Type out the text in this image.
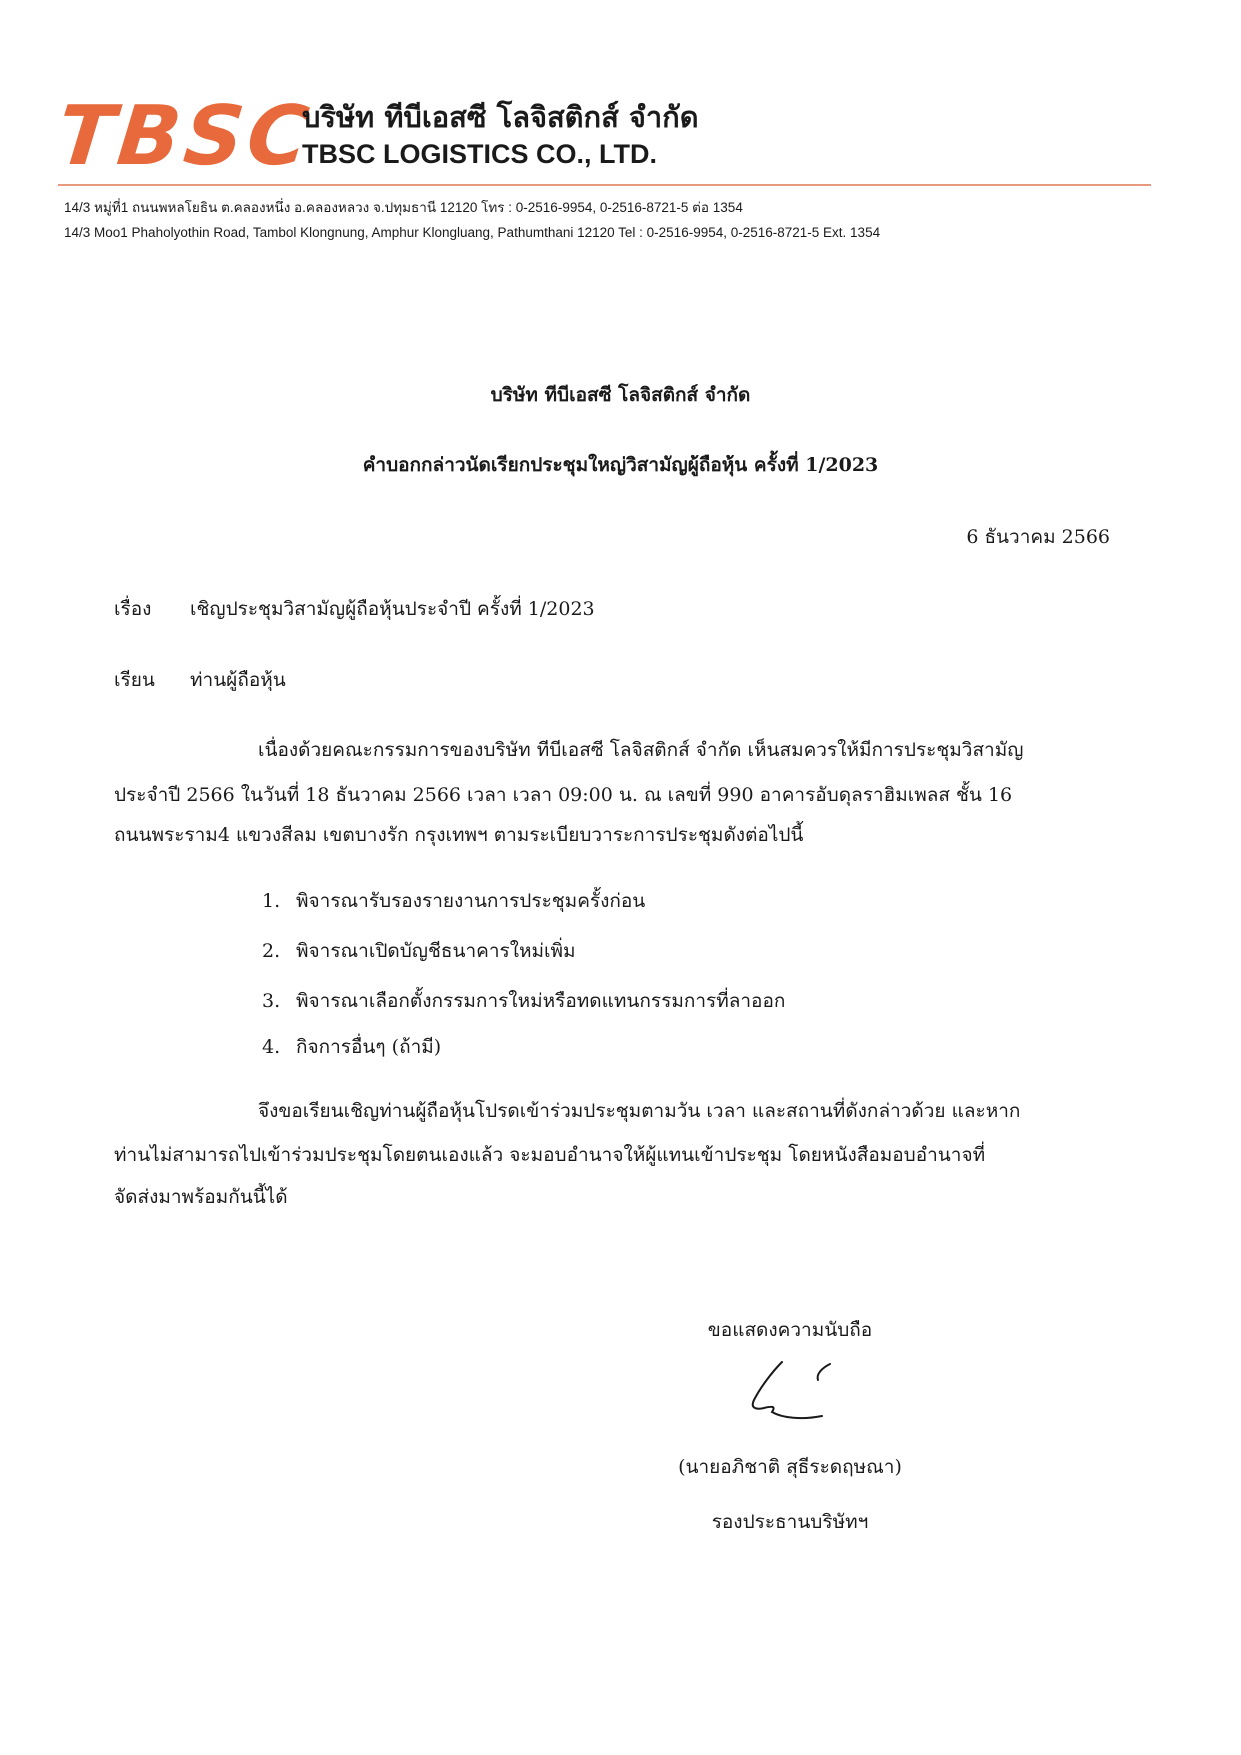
TBSC
บริษัท ทีบีเอสซี โลจิสติกส์ จำกัด
TBSC LOGISTICS CO., LTD.
14/3 หมู่ที่1 ถนนพหลโยธิน ต.คลองหนึ่ง อ.คลองหลวง จ.ปทุมธานี 12120 โทร : 0-2516-9954, 0-2516-8721-5 ต่อ 1354
14/3 Moo1 Phaholyothin Road, Tambol Klongnung, Amphur Klongluang, Pathumthani 12120 Tel : 0-2516-9954, 0-2516-8721-5 Ext. 1354
บริษัท ทีบีเอสซี โลจิสติกส์ จำกัด
คำบอกกล่าวนัดเรียกประชุมใหญ่วิสามัญผู้ถือหุ้น ครั้งที่ 1/2023
6 ธันวาคม 2566
เรื่อง เชิญประชุมวิสามัญผู้ถือหุ้นประจำปี ครั้งที่ 1/2023
เรียน ท่านผู้ถือหุ้น
เนื่องด้วยคณะกรรมการของบริษัท ทีบีเอสซี โลจิสติกส์ จำกัด เห็นสมควรให้มีการประชุมวิสามัญ
ประจำปี 2566 ในวันที่ 18 ธันวาคม 2566 เวลา เวลา 09:00 น. ณ เลขที่ 990 อาคารอับดุลราฮิมเพลส ชั้น 16
ถนนพระราม4 แขวงสีลม เขตบางรัก กรุงเทพฯ ตามระเบียบวาระการประชุมดังต่อไปนี้
1. พิจารณารับรองรายงานการประชุมครั้งก่อน
2. พิจารณาเปิดบัญชีธนาคารใหม่เพิ่ม
3. พิจารณาเลือกตั้งกรรมการใหม่หรือทดแทนกรรมการที่ลาออก
4. กิจการอื่นๆ (ถ้ามี)
จึงขอเรียนเชิญท่านผู้ถือหุ้นโปรดเข้าร่วมประชุมตามวัน เวลา และสถานที่ดังกล่าวด้วย และหาก
ท่านไม่สามารถไปเข้าร่วมประชุมโดยตนเองแล้ว จะมอบอำนาจให้ผู้แทนเข้าประชุม โดยหนังสือมอบอำนาจที่
จัดส่งมาพร้อมกันนี้ได้
ขอแสดงความนับถือ
(นายอภิชาติ สุธีระดฤษณา)
รองประธานบริษัทฯ
